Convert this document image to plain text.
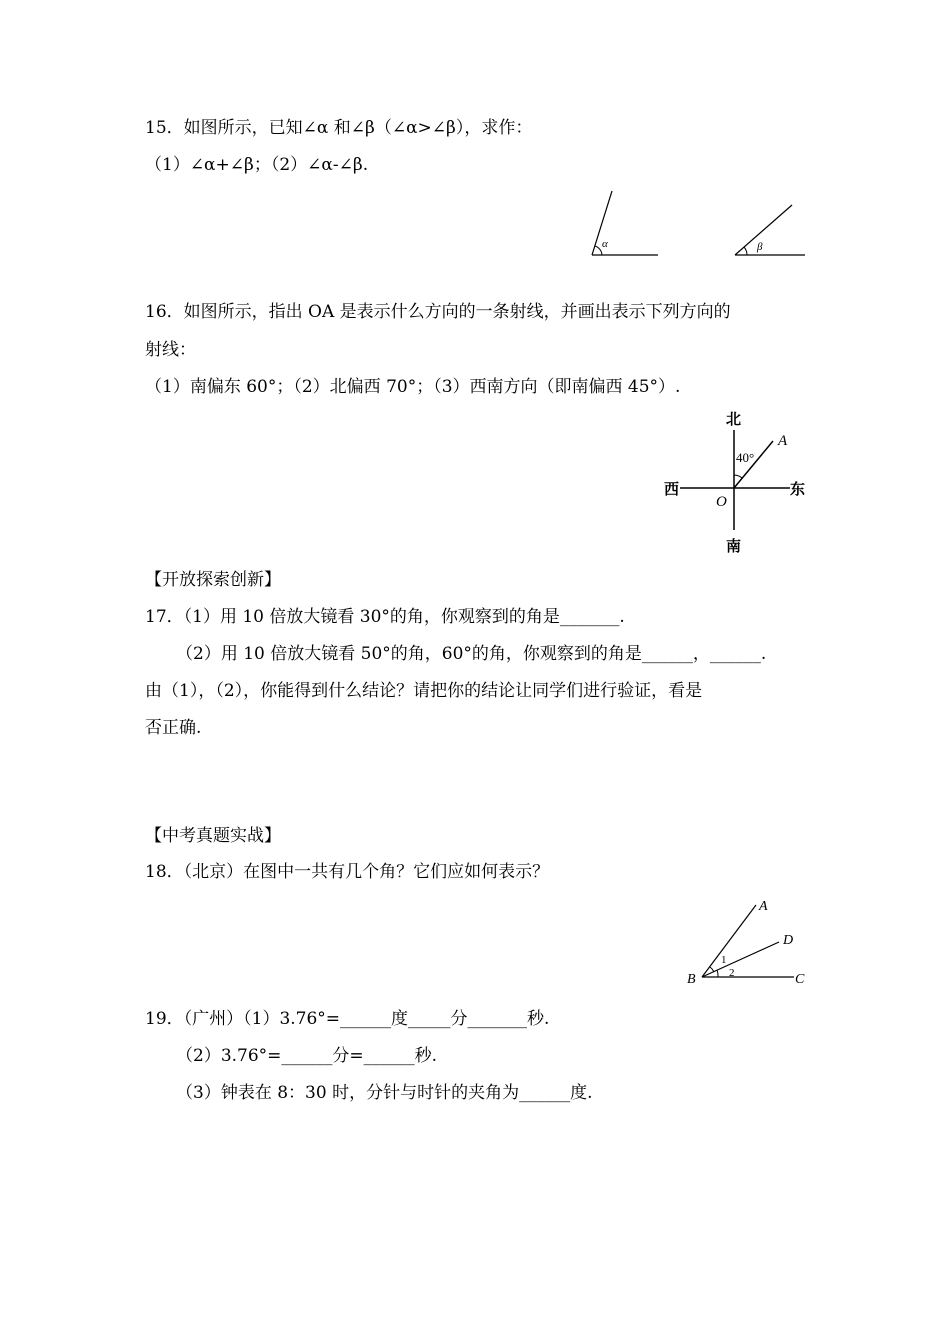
15．如图所示，已知∠α 和∠β（∠α>∠β），求作：
（1）∠α+∠β；（2）∠α-∠β.
α	β
16．如图所示，指出 OA 是表示什么方向的一条射线，并画出表示下列方向的
射线：
（1）南偏东 60°；（2）北偏西 70°；（3）西南方向（即南偏西 45°）.
北
南
东
西
O
A
40°
【开放探索创新】
17．（1）用 10 倍放大镜看 30°的角，你观察到的角是_______.
（2）用 10 倍放大镜看 50°的角，60°的角，你观察到的角是______，______.
由（1），（2），你能得到什么结论？请把你的结论让同学们进行验证，看是
否正确.
【中考真题实战】
18．（北京）在图中一共有几个角？它们应如何表示？
A
D
B	C
1
2
19．（广州）（1）3.76°=______度_____分_______秒.
（2）3.76°=______分=______秒.
（3）钟表在 8：30 时，分针与时针的夹角为______度.
